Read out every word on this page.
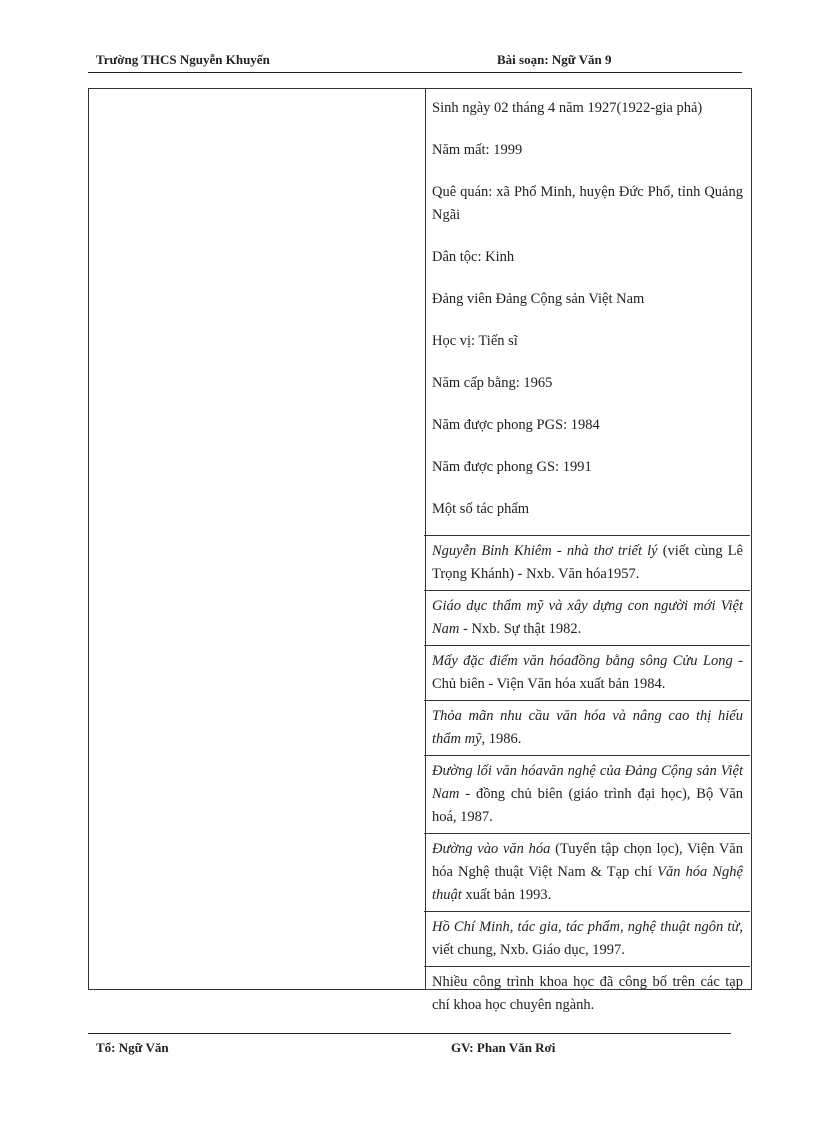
Trường THCS Nguyễn Khuyến	Bài soạn: Ngữ Văn 9

Sinh ngày 02 tháng 4 năm 1927(1922-gia phả)

Năm mất: 1999

Quê quán: xã Phổ Minh, huyện Đức Phổ, tỉnh Quảng Ngãi

Dân tộc: Kinh

Đảng viên Đảng Cộng sản Việt Nam

Học vị: Tiến sĩ

Năm cấp bằng: 1965

Năm được phong PGS: 1984

Năm được phong GS: 1991

Một số tác phẩm

Nguyễn Bỉnh Khiêm - nhà thơ triết lý (viết cùng Lê Trọng Khánh) - Nxb. Văn hóa1957.

Giáo dục thẩm mỹ và xây dựng con người mới Việt Nam - Nxb. Sự thật 1982.

Mấy đặc điểm văn hóađồng bằng sông Cửu Long - Chủ biên - Viện Văn hóa xuất bản 1984.

Thỏa mãn nhu cầu văn hóa và nâng cao thị hiếu thẩm mỹ, 1986.

Đường lối văn hóavăn nghệ của Đảng Cộng sản Việt Nam - đồng chủ biên (giáo trình đại học), Bộ Văn hoá, 1987.

Đường vào văn hóa (Tuyển tập chọn lọc), Viện Văn hóa Nghệ thuật Việt Nam & Tạp chí Văn hóa Nghệ thuật xuất bản 1993.

Hồ Chí Minh, tác gia, tác phẩm, nghệ thuật ngôn từ, viết chung, Nxb. Giáo dục, 1997.

Nhiều công trình khoa học đã công bố trên các tạp chí khoa học chuyên ngành.

Tổ: Ngữ Văn	GV: Phan Văn Rơi
